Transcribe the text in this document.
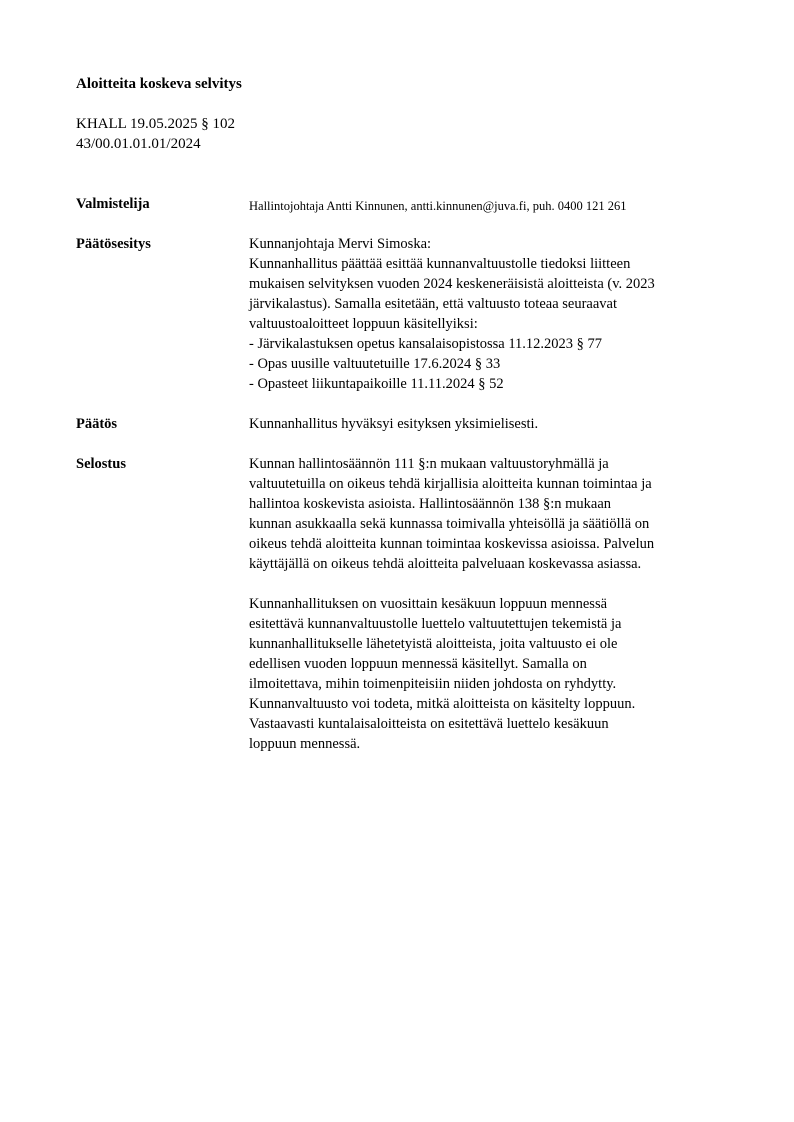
Aloitteita koskeva selvitys
KHALL 19.05.2025 § 102
43/00.01.01.01/2024
Valmistelija	Hallintojohtaja Antti Kinnunen, antti.kinnunen@juva.fi, puh. 0400 121 261
Päätösesitys	Kunnanjohtaja Mervi Simoska:
Kunnanhallitus päättää esittää kunnanvaltuustolle tiedoksi liitteen
mukaisen selvityksen vuoden 2024 keskeneräisistä aloitteista (v. 2023
järvikalastus). Samalla esitetään, että valtuusto toteaa seuraavat
valtuustoaloitteet loppuun käsitellyiksi:
- Järvikalastuksen opetus kansalaisopistossa 11.12.2023 § 77
- Opas uusille valtuutetuille 17.6.2024 § 33
- Opasteet liikuntapaikoille 11.11.2024 § 52
Päätös	Kunnanhallitus hyväksyi esityksen yksimielisesti.
Selostus	Kunnan hallintosäännön 111 §:n mukaan valtuustoryhmällä ja
valtuutetuilla on oikeus tehdä kirjallisia aloitteita kunnan toimintaa ja
hallintoa koskevista asioista. Hallintosäännön 138 §:n mukaan
kunnan asukkaalla sekä kunnassa toimivalla yhteisöllä ja säätiöllä on
oikeus tehdä aloitteita kunnan toimintaa koskevissa asioissa. Palvelun
käyttäjällä on oikeus tehdä aloitteita palveluaan koskevassa asiassa.
Kunnanhallituksen on vuosittain kesäkuun loppuun mennessä
esitettävä kunnanvaltuustolle luettelo valtuutettujen tekemistä ja
kunnanhallitukselle lähetetyistä aloitteista, joita valtuusto ei ole
edellisen vuoden loppuun mennessä käsitellyt. Samalla on
ilmoitettava, mihin toimenpiteisiin niiden johdosta on ryhdytty.
Kunnanvaltuusto voi todeta, mitkä aloitteista on käsitelty loppuun.
Vastaavasti kuntalaisaloitteista on esitettävä luettelo kesäkuun
loppuun mennessä.
